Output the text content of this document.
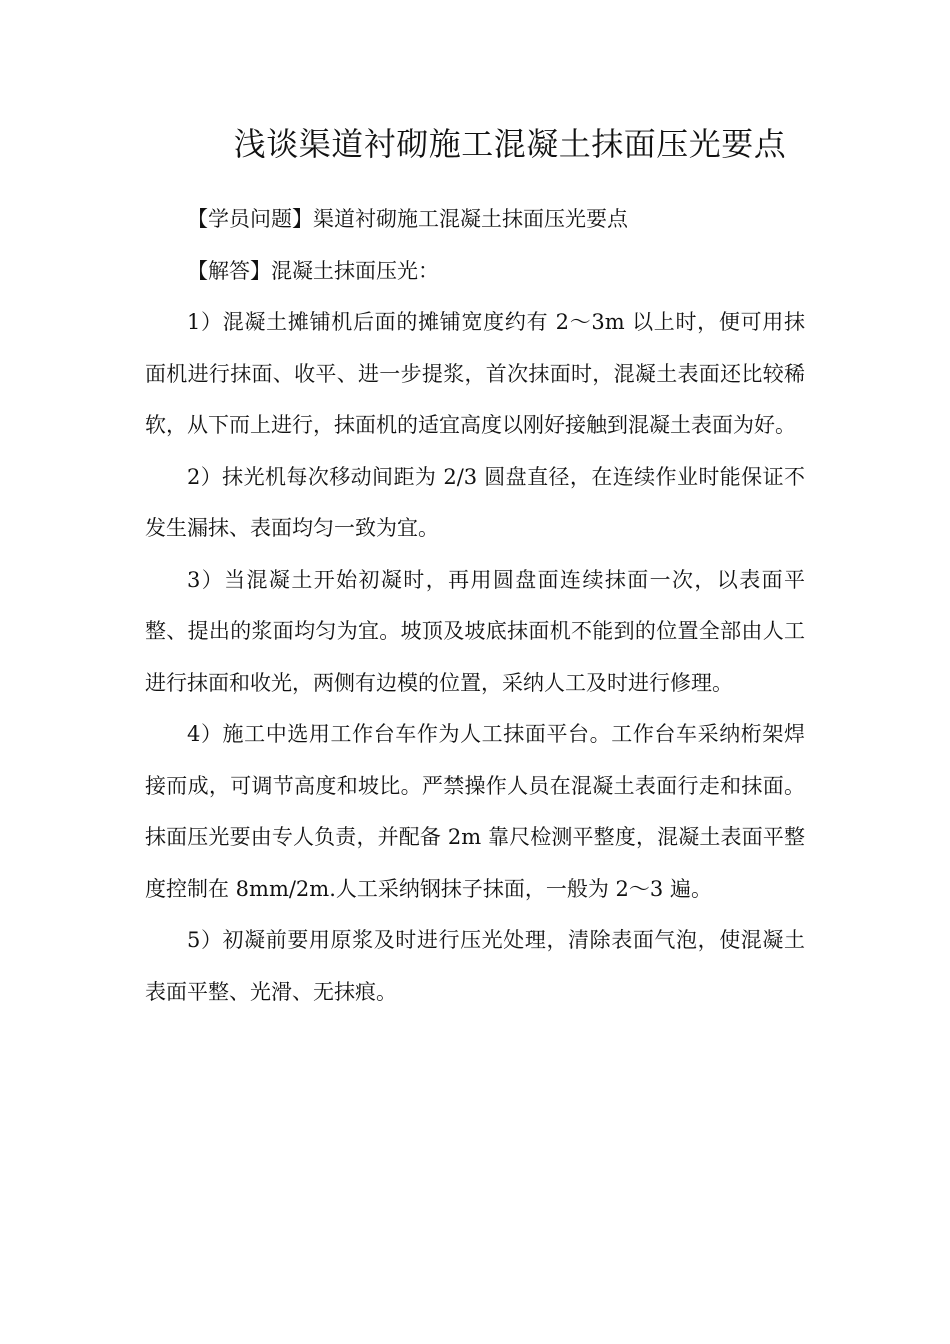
浅谈渠道衬砌施工混凝土抹面压光要点

【学员问题】渠道衬砌施工混凝土抹面压光要点

【解答】混凝土抹面压光：

1）混凝土摊铺机后面的摊铺宽度约有 2～3m 以上时，便可用抹面机进行抹面、收平、进一步提浆，首次抹面时，混凝土表面还比较稀软，从下而上进行，抹面机的适宜高度以刚好接触到混凝土表面为好。

2）抹光机每次移动间距为 2/3 圆盘直径，在连续作业时能保证不发生漏抹、表面均匀一致为宜。

3）当混凝土开始初凝时，再用圆盘面连续抹面一次，以表面平整、提出的浆面均匀为宜。坡顶及坡底抹面机不能到的位置全部由人工进行抹面和收光，两侧有边模的位置，采纳人工及时进行修理。

4）施工中选用工作台车作为人工抹面平台。工作台车采纳桁架焊接而成，可调节高度和坡比。严禁操作人员在混凝土表面行走和抹面。抹面压光要由专人负责，并配备 2m 靠尺检测平整度，混凝土表面平整度控制在 8mm/2m.人工采纳钢抹子抹面，一般为 2～3 遍。

5）初凝前要用原浆及时进行压光处理，清除表面气泡，使混凝土表面平整、光滑、无抹痕。
